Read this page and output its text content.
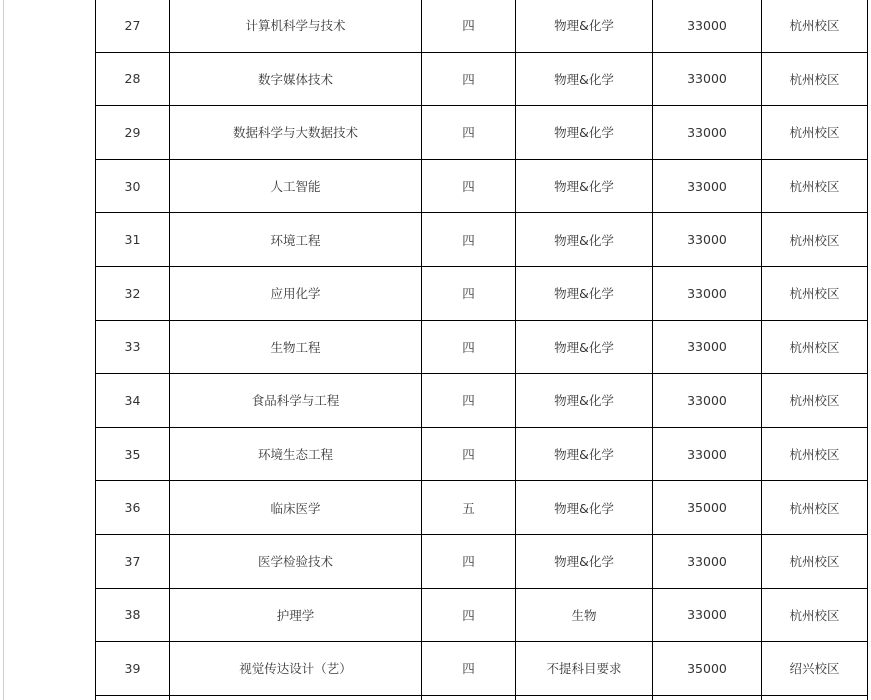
27	计算机科学与技术	四	物理&化学	33000	杭州校区
28	数字媒体技术	四	物理&化学	33000	杭州校区
29	数据科学与大数据技术	四	物理&化学	33000	杭州校区
30	人工智能	四	物理&化学	33000	杭州校区
31	环境工程	四	物理&化学	33000	杭州校区
32	应用化学	四	物理&化学	33000	杭州校区
33	生物工程	四	物理&化学	33000	杭州校区
34	食品科学与工程	四	物理&化学	33000	杭州校区
35	环境生态工程	四	物理&化学	33000	杭州校区
36	临床医学	五	物理&化学	35000	杭州校区
37	医学检验技术	四	物理&化学	33000	杭州校区
38	护理学	四	生物	33000	杭州校区
39	视觉传达设计（艺）	四	不提科目要求	35000	绍兴校区
